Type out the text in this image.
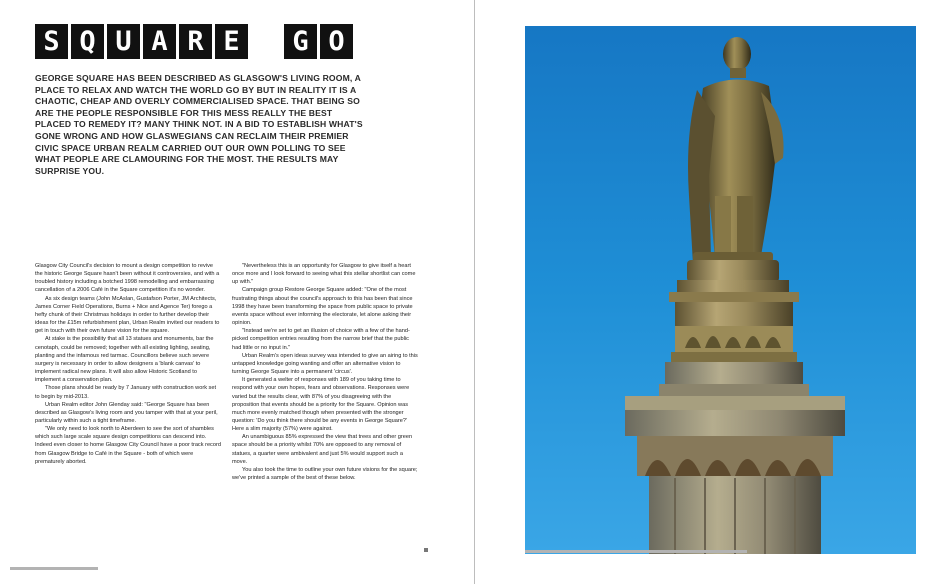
S Q U A R E	G O
GEORGE SQUARE HAS BEEN DESCRIBED AS GLASGOW'S LIVING ROOM, A PLACE TO RELAX AND WATCH THE WORLD GO BY BUT IN REALITY IT IS A CHAOTIC, CHEAP AND OVERLY COMMERCIALISED SPACE. THAT BEING SO ARE THE PEOPLE RESPONSIBLE FOR THIS MESS REALLY THE BEST PLACED TO REMEDY IT? MANY THINK NOT. IN A BID TO ESTABLISH WHAT'S GONE WRONG AND HOW GLASWEGIANS CAN RECLAIM THEIR PREMIER CIVIC SPACE URBAN REALM CARRIED OUT OUR OWN POLLING TO SEE WHAT PEOPLE ARE CLAMOURING FOR THE MOST. THE RESULTS MAY SURPRISE YOU.

Glasgow City Council's decision to mount a design competition to revive the historic George Square hasn't been without it controversies, and with a troubled history including a botched 1998 remodelling and embarrassing cancellation of a 2006 Café in the Square competition it's no wonder.

As six design teams (John McAslan, Gustafson Porter, JM Architects, James Corner Field Operations, Burns + Nice and Agence Ter) forego a hefty chunk of their Christmas holidays in order to further develop their ideas for the £15m refurbishment plan, Urban Realm invited our readers to get in touch with their own future vision for the square.

At stake is the possibility that all 13 statues and monuments, bar the cenotaph, could be removed; together with all existing lighting, seating, planting and the infamous red tarmac. Councillors believe such severe surgery is necessary in order to allow designers a 'blank canvas' to implement radical new plans. It will also allow Historic Scotland to implement a conservation plan.

Those plans should be ready by 7 January with construction work set to begin by mid-2013.

Urban Realm editor John Glenday said: "George Square has been described as Glasgow's living room and you tamper with that at your peril, particularly within such a tight timeframe.

"We only need to look north to Aberdeen to see the sort of shambles which such large scale square design competitions can descend into. Indeed even closer to home Glasgow City Council have a poor track record from Glasgow Bridge to Café in the Square - both of which were prematurely aborted.

"Nevertheless this is an opportunity for Glasgow to give itself a heart once more and I look forward to seeing what this stellar shortlist can come up with."

Campaign group Restore George Square added: "One of the most frustrating things about the council's approach to this has been that since 1998 they have been transforming the space from public space to private events space without ever informing the electorate, let alone asking their opinion.

"Instead we're set to get an illusion of choice with a few of the hand-picked competition entries resulting from the narrow brief that the public had little or no input in."

Urban Realm's open ideas survey was intended to give an airing to this untapped knowledge going wanting and offer an alternative vision to turning George Square into a permanent 'circus'.

It generated a welter of responses with 189 of you taking time to respond with your own hopes, fears and observations. Responses were varied but the results clear, with 87% of you disagreeing with the proposition that events should be a priority for the Square. Opinion was much more evenly matched though when presented with the stronger question: 'Do you think there should be any events in George Square?' Here a slim majority (57%) were against.

An unambiguous 85% expressed the view that trees and other green space should be a priority whilst 70% are opposed to any removal of statues, a quarter were ambivalent and just 5% would support such a move.

You also took the time to outline your own future visions for the square; we've printed a sample of the best of these below.
